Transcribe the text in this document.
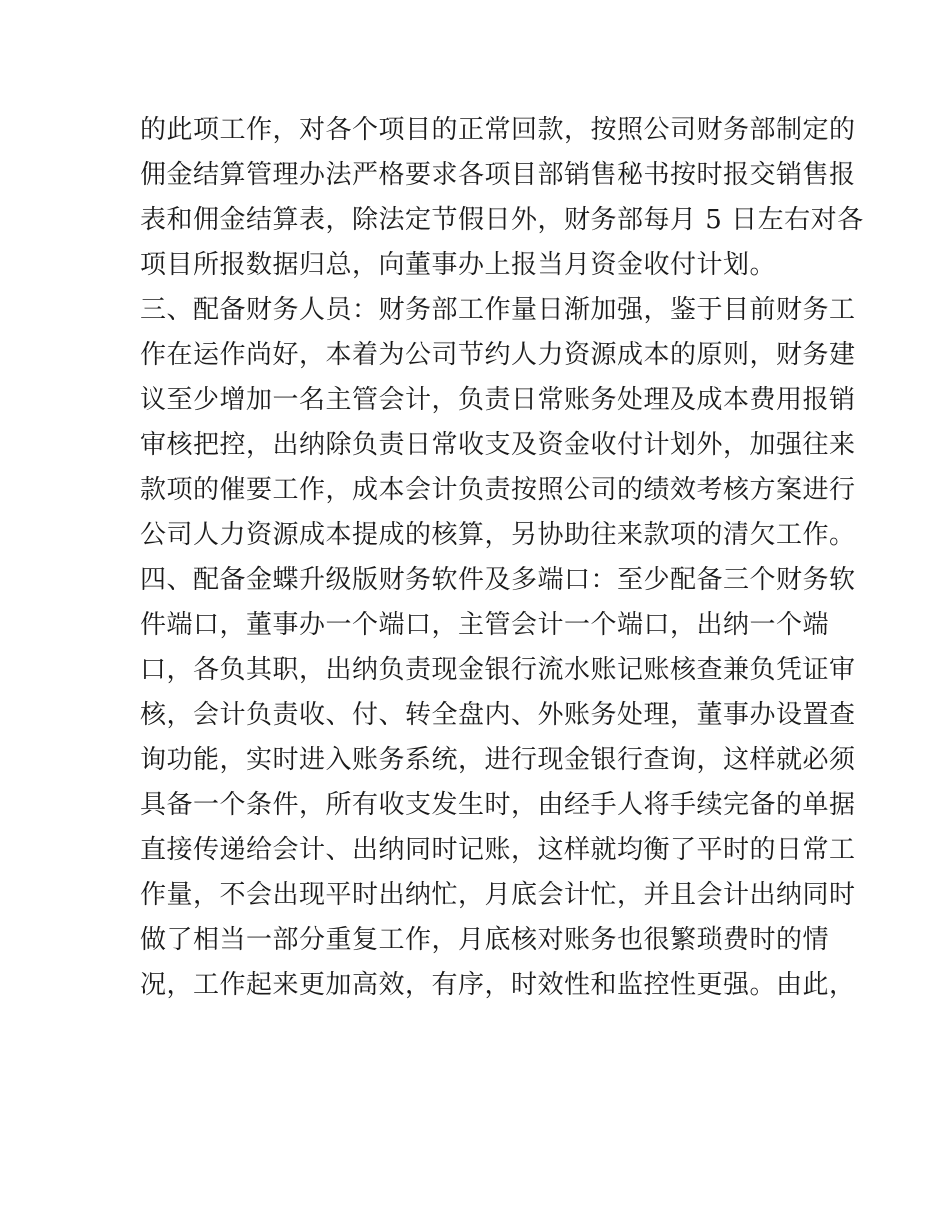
的此项工作，对各个项目的正常回款，按照公司财务部制定的
佣金结算管理办法严格要求各项目部销售秘书按时报交销售报
表和佣金结算表，除法定节假日外，财务部每月 5 日左右对各
项目所报数据归总，向董事办上报当月资金收付计划。
三、配备财务人员：财务部工作量日渐加强，鉴于目前财务工
作在运作尚好，本着为公司节约人力资源成本的原则，财务建
议至少增加一名主管会计，负责日常账务处理及成本费用报销
审核把控，出纳除负责日常收支及资金收付计划外，加强往来
款项的催要工作，成本会计负责按照公司的绩效考核方案进行
公司人力资源成本提成的核算，另协助往来款项的清欠工作。
四、配备金蝶升级版财务软件及多端口：至少配备三个财务软
件端口，董事办一个端口，主管会计一个端口，出纳一个端
口，各负其职，出纳负责现金银行流水账记账核查兼负凭证审
核，会计负责收、付、转全盘内、外账务处理，董事办设置查
询功能，实时进入账务系统，进行现金银行查询，这样就必须
具备一个条件，所有收支发生时，由经手人将手续完备的单据
直接传递给会计、出纳同时记账，这样就均衡了平时的日常工
作量，不会出现平时出纳忙，月底会计忙，并且会计出纳同时
做了相当一部分重复工作，月底核对账务也很繁琐费时的情
况，工作起来更加高效，有序，时效性和监控性更强。由此，
